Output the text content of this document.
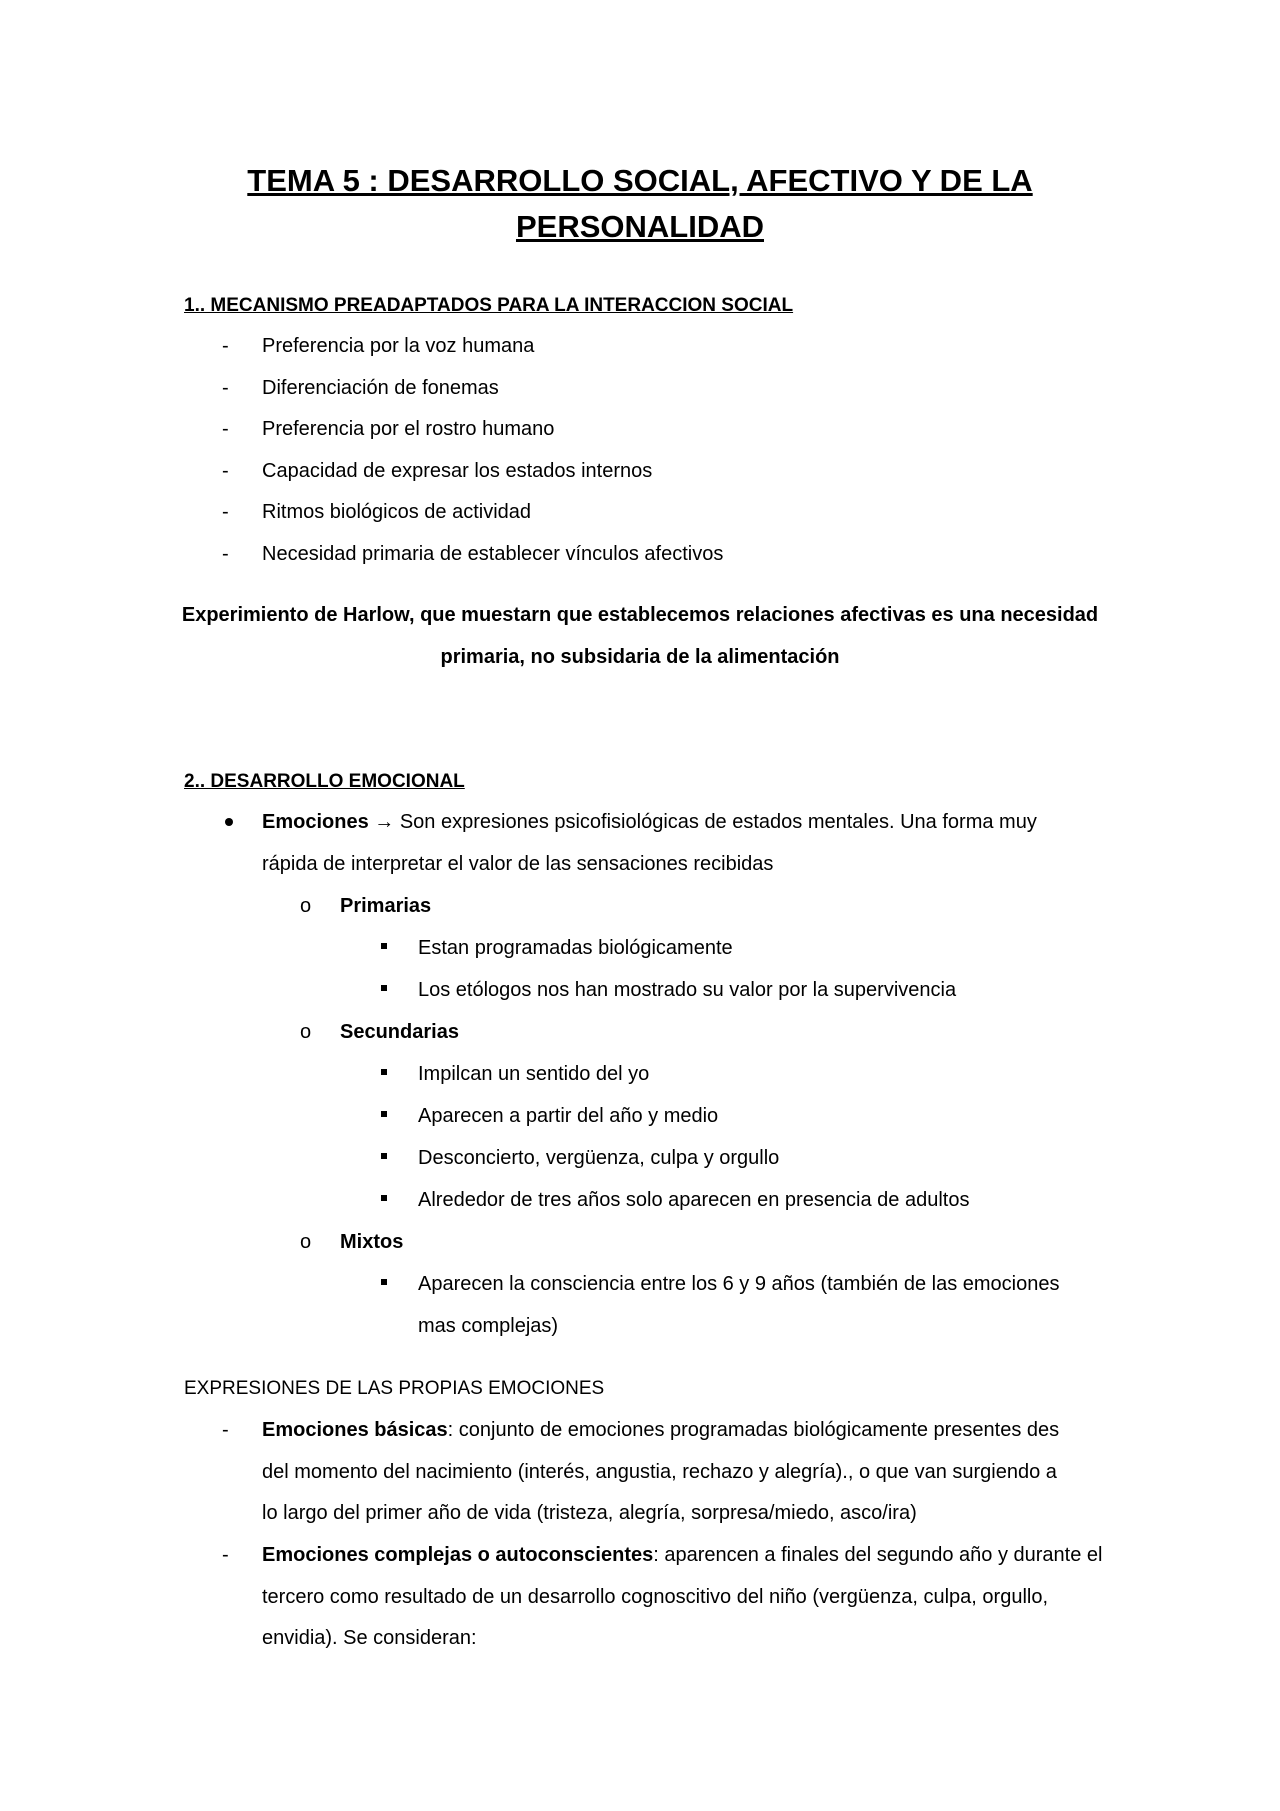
TEMA 5 : DESARROLLO SOCIAL, AFECTIVO Y DE LA
PERSONALIDAD
1.. MECANISMO PREADAPTADOS PARA LA INTERACCION SOCIAL
- Preferencia por la voz humana
- Diferenciación de fonemas
- Preferencia por el rostro humano
- Capacidad de expresar los estados internos
- Ritmos biológicos de actividad
- Necesidad primaria de establecer vínculos afectivos
Experimiento de Harlow, que muestarn que establecemos relaciones afectivas es una necesidad
primaria, no subsidaria de la alimentación
2.. DESARROLLO EMOCIONAL
Emociones → Son expresiones psicofisiológicas de estados mentales. Una forma muy
rápida de interpretar el valor de las sensaciones recibidas
o Primarias
Estan programadas biológicamente
Los etólogos nos han mostrado su valor por la supervivencia
o Secundarias
Impilcan un sentido del yo
Aparecen a partir del año y medio
Desconcierto, vergüenza, culpa y orgullo
Alrededor de tres años solo aparecen en presencia de adultos
o Mixtos
Aparecen la consciencia entre los 6 y 9 años (también de las emociones
mas complejas)
EXPRESIONES DE LAS PROPIAS EMOCIONES
- Emociones básicas: conjunto de emociones programadas biológicamente presentes des
del momento del nacimiento (interés, angustia, rechazo y alegría)., o que van surgiendo a
lo largo del primer año de vida (tristeza, alegría, sorpresa/miedo, asco/ira)
- Emociones complejas o autoconscientes: aparencen a finales del segundo año y durante el
tercero como resultado de un desarrollo cognoscitivo del niño (vergüenza, culpa, orgullo,
envidia). Se consideran:
